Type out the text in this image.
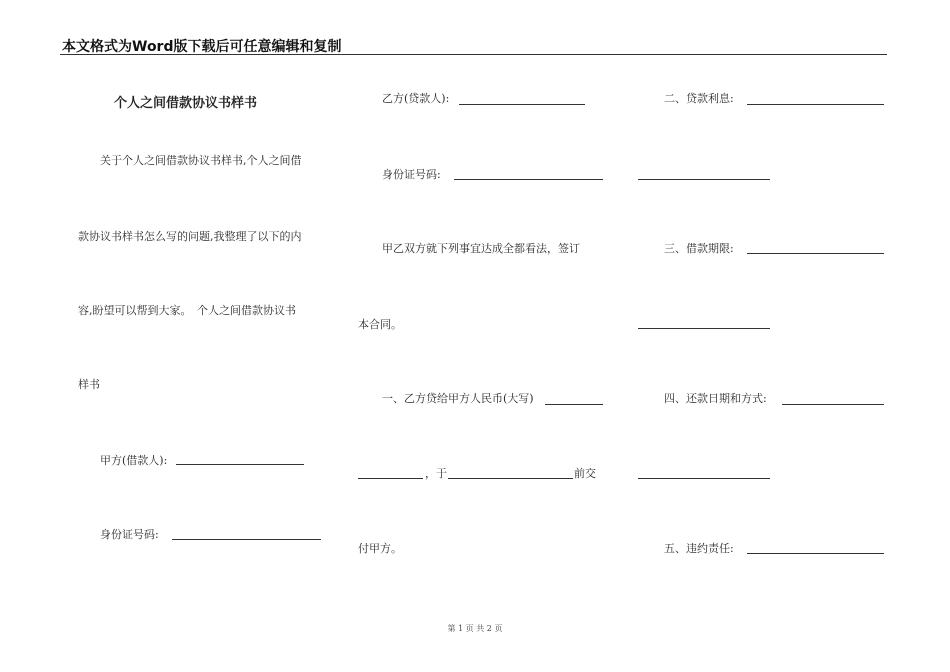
本文格式为Word版下载后可任意编辑和复制
个人之间借款协议书样书
关于个人之间借款协议书样书,个人之间借
款协议书样书怎么写的问题,我整理了以下的内
容,盼望可以帮到大家。　个人之间借款协议书
样书
甲方(借款人):
身份证号码:
乙方(贷款人):
身份证号码:
甲乙双方就下列事宜达成全都看法，签订
本合同。
一、乙方贷给甲方人民币(大写)
，于	前交
付甲方。
二、贷款利息:
三、借款期限:
四、还款日期和方式:
五、违约责任:
第 1 页 共 2 页
